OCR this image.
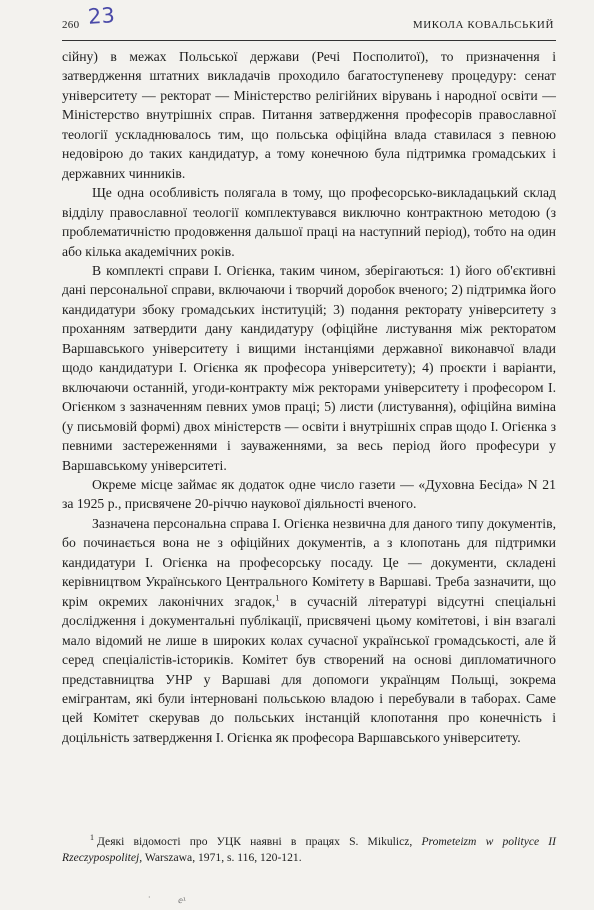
260 23	МИКОЛА КОВАЛЬСЬКИЙ

сійну) в межах Польської держави (Речі Посполитої), то призначення і затвердження штатних викладачів проходило багатоступеневу процедуру: сенат університету — ректорат — Міністерство релігійних вірувань і народної освіти — Міністерство внутрішніх справ. Питання затвердження професорів православної теології ускладнювалось тим, що польська офіційна влада ставилася з певною недовірою до таких кандидатур, а тому конечною була підтримка громадських і державних чинників.

Ще одна особливість полягала в тому, що професорсько-викладацький склад відділу православної теології комплектувався виключно контрактною методою (з проблематичністю продовження дальшої праці на наступний період), тобто на один або кілька академічних років.

В комплекті справи І. Огієнка, таким чином, зберігаються: 1) його об'єктивні дані персональної справи, включаючи і творчий доробок вченого; 2) підтримка його кандидатури збоку громадських інституцій; 3) подання ректорату університету з проханням затвердити дану кандидатуру (офіційне листування між ректоратом Варшавського університету і вищими інстанціями державної виконавчої влади щодо кандидатури І. Огієнка як професора університету); 4) проєкти і варіанти, включаючи останній, угоди-контракту між ректорами університету і професором І. Огієнком з зазначенням певних умов праці; 5) листи (листування), офіційна виміна (у письмовій формі) двох міністерств — освіти і внутрішніх справ щодо І. Огієнка з певними застереженнями і зауваженнями, за весь період його професури у Варшавському університеті.

Окреме місце займає як додаток одне число газети — «Духовна Бесіда» N 21 за 1925 р., присвячене 20-річчю наукової діяльності вченого.

Зазначена персональна справа І. Огієнка незвична для даного типу документів, бо починається вона не з офіційних документів, а з клопотань для підтримки кандидатури І. Огієнка на професорську посаду. Це — документи, складені керівництвом Українського Центрального Комітету в Варшаві. Треба зазначити, що крім окремих лаконічних згадок,$^1$ в сучасній літературі відсутні спеціальні дослідження і документальні публікації, присвячені цьому комітетові, і він взагалі мало відомий не лише в широких колах сучасної української громадськості, але й серед спеціалістів-істориків. Комітет був створений на основі дипломатичного представництва УНР у Варшаві для допомоги українцям Польщі, зокрема емігрантам, які були інтерновані польською владою і перебували в таборах. Саме цей Комітет скерував до польських інстанцій клопотання про конечність і доцільність затвердження І. Огієнка як професора Варшавського університету.

$^1$ Деякі відомості про УЦК наявні в працях S. Mikulicz, Prometeizm w polityce II Rzeczypospolitej, Warszawa, 1971, s. 116, 120-121.
·	ⅇ¹
